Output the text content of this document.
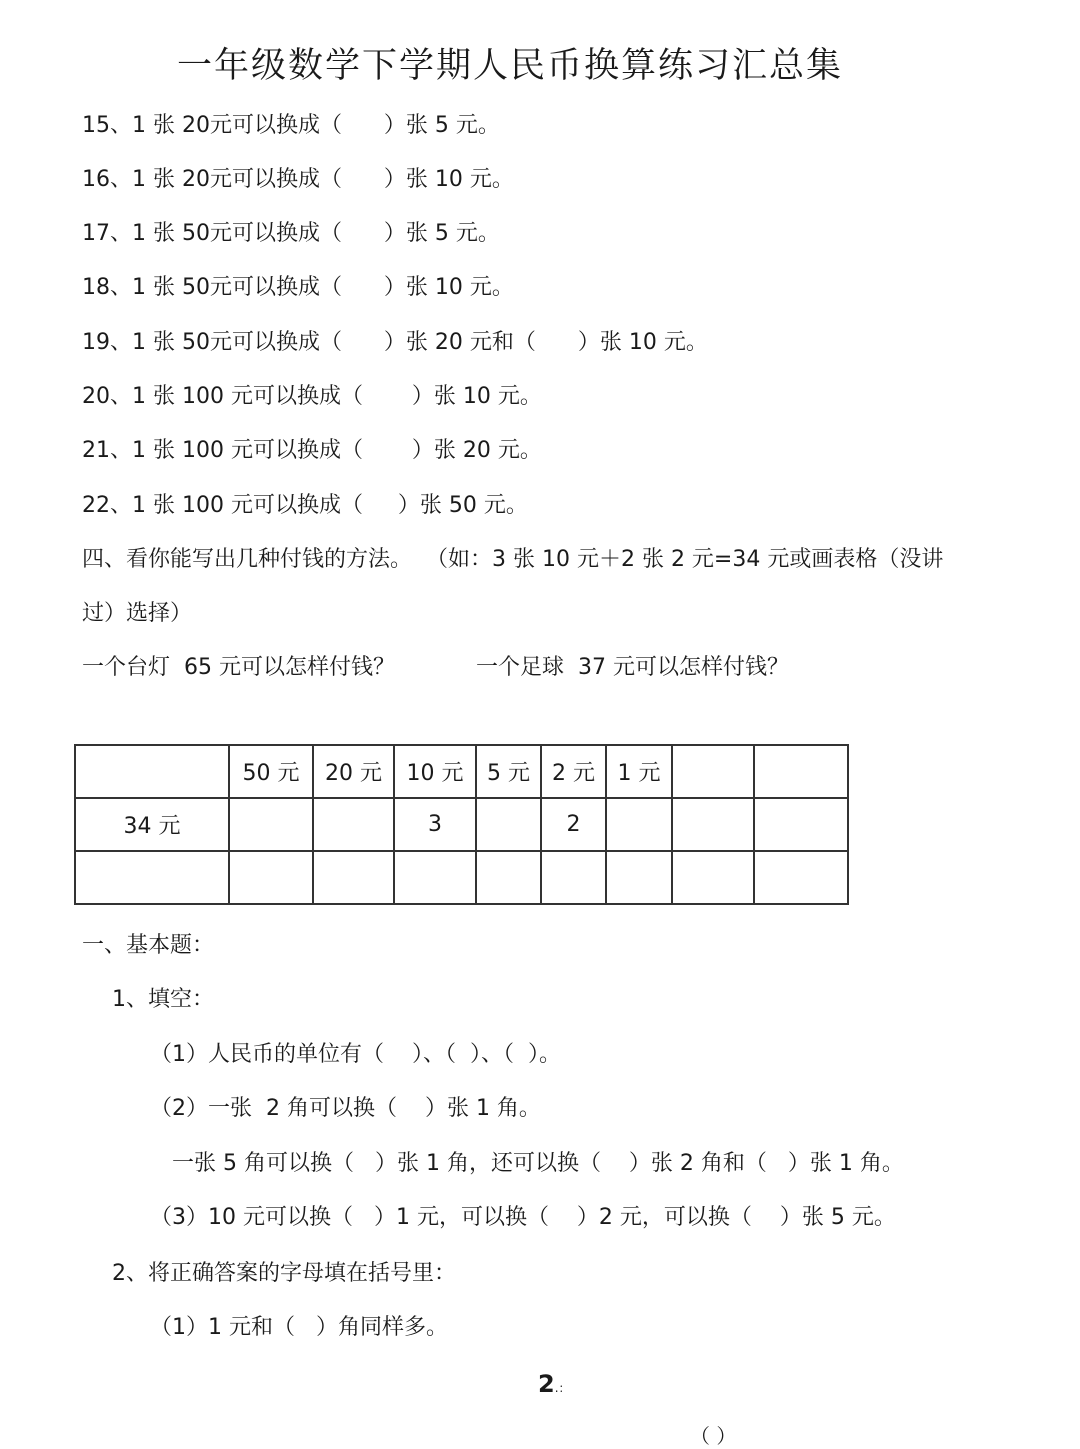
一年级数学下学期人民币换算练习汇总集
15、1 张 20元可以换成（      ）张 5 元。
16、1 张 20元可以换成（      ）张 10 元。
17、1 张 50元可以换成（      ）张 5 元。
18、1 张 50元可以换成（      ）张 10 元。
19、1 张 50元可以换成（      ）张 20 元和（      ）张 10 元。
20、1 张 100 元可以换成（       ）张 10 元。
21、1 张 100 元可以换成（       ）张 20 元。
22、1 张 100 元可以换成（     ）张 50 元。
四、看你能写出几种付钱的方法。  （如：3 张 10 元＋2 张 2 元=34 元或画表格（没讲
过）选择）
一个台灯  65 元可以怎样付钱？	一个足球  37 元可以怎样付钱？
	50 元	20 元	10 元	5 元	2 元	1 元		
34 元			3		2			

一、基本题：
1、填空：
（1）人民币的单位有（    ）、（  ）、（  ）。
（2）一张  2 角可以换（    ）张 1 角。
一张 5 角可以换（   ）张 1 角，还可以换（    ）张 2 角和（   ）张 1 角。
（3）10 元可以换（   ）1 元，可以换（    ）2 元，可以换（    ）张 5 元。
2、将正确答案的字母填在括号里：
（1）1 元和（   ）角同样多。
2.：
（ ）
